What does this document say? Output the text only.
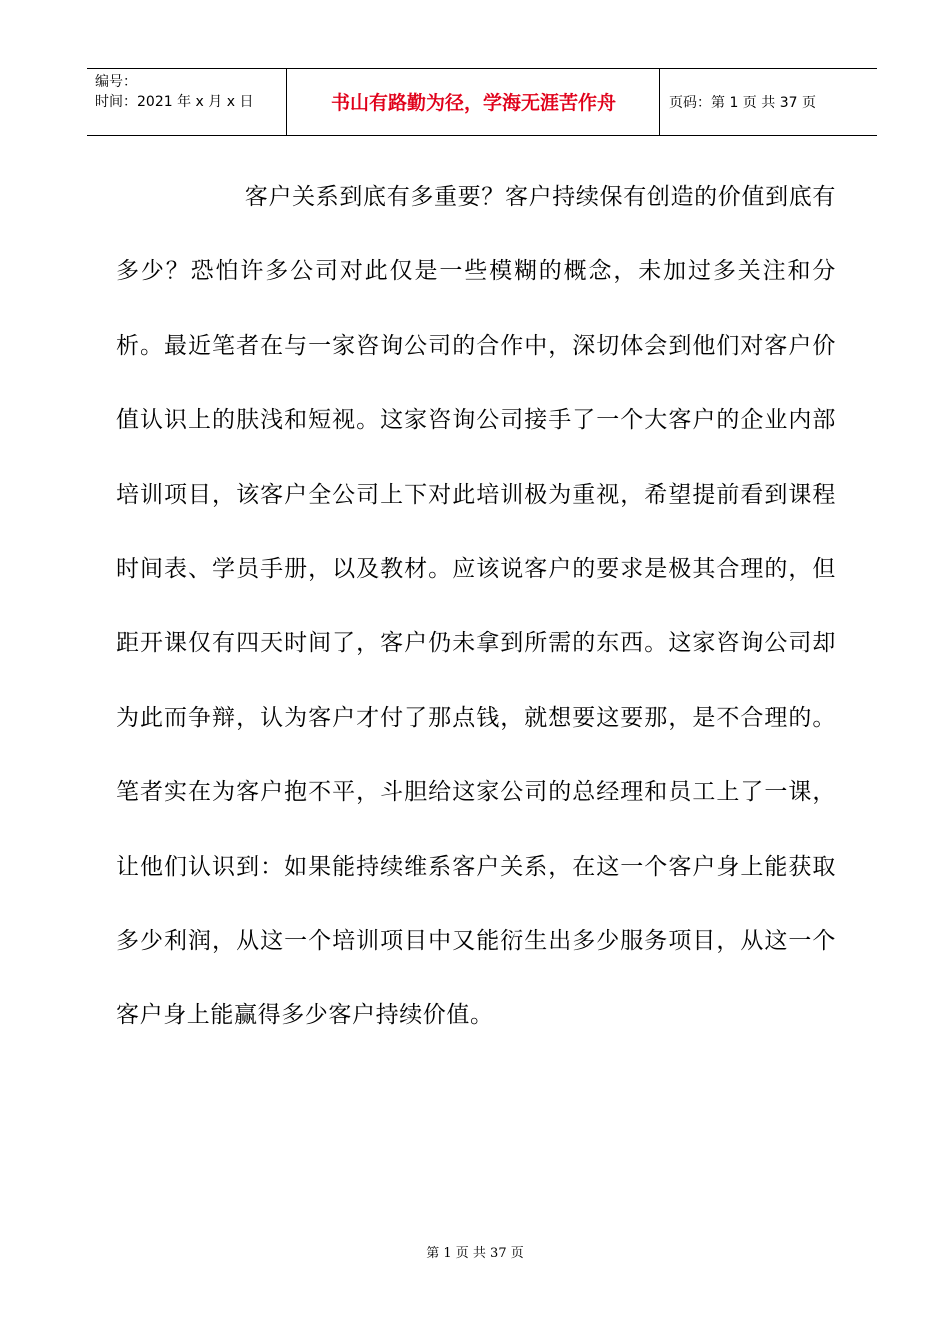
编号：
时间：2021 年 x 月 x 日	书山有路勤为径，学海无涯苦作舟	页码：第 1 页 共 37 页

客户关系到底有多重要？客户持续保有创造的价值到底有多少？恐怕许多公司对此仅是一些模糊的概念，未加过多关注和分析。最近笔者在与一家咨询公司的合作中，深切体会到他们对客户价值认识上的肤浅和短视。这家咨询公司接手了一个大客户的企业内部培训项目，该客户全公司上下对此培训极为重视，希望提前看到课程时间表、学员手册，以及教材。应该说客户的要求是极其合理的，但距开课仅有四天时间了，客户仍未拿到所需的东西。这家咨询公司却为此而争辩，认为客户才付了那点钱，就想要这要那，是不合理的。笔者实在为客户抱不平，斗胆给这家公司的总经理和员工上了一课，让他们认识到：如果能持续维系客户关系，在这一个客户身上能获取多少利润，从这一个培训项目中又能衍生出多少服务项目，从这一个客户身上能赢得多少客户持续价值。

第 1 页 共 37 页
